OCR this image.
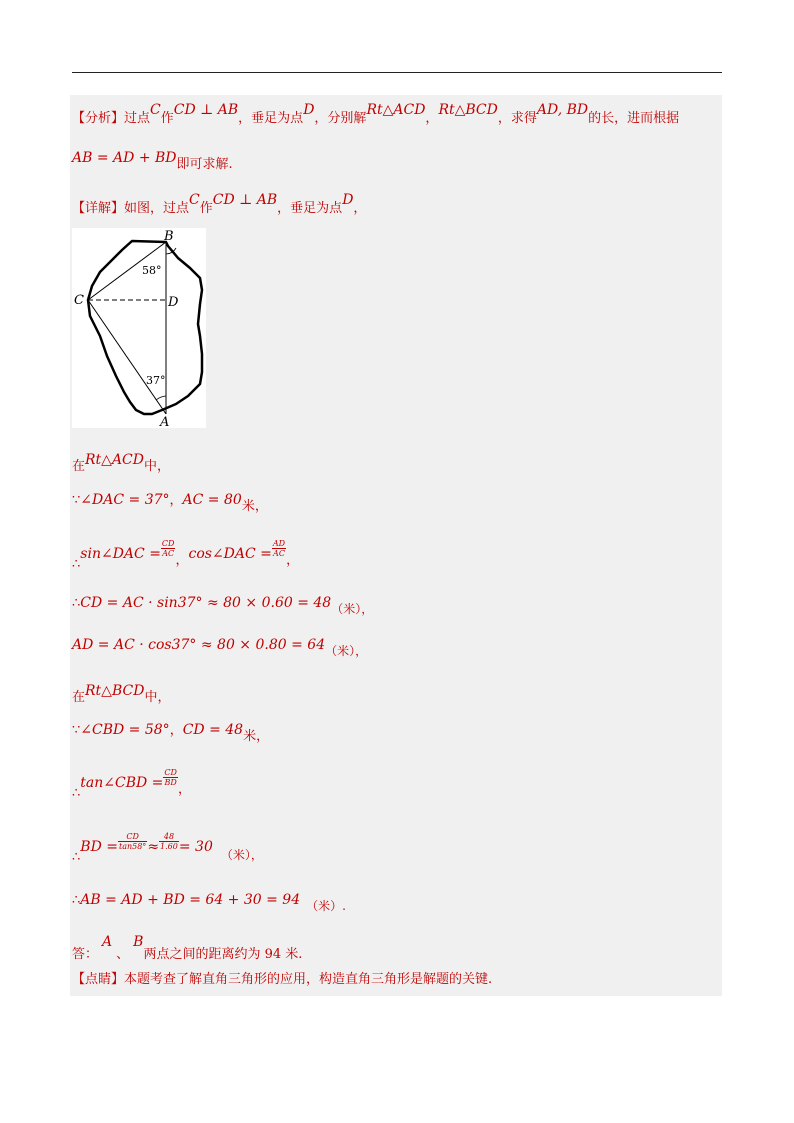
【分析】过点C作CD ⊥ AB，垂足为点D，分别解Rt△ACD，Rt△BCD，求得AD, BD的长，进而根据
AB = AD + BD即可求解.
【详解】如图，过点C作CD ⊥ AB，垂足为点D，
B
C	D
A
58°
37°
在Rt△ACD中，
∵∠DAC = 37°，AC = 80米，
∴sin∠DAC = $\frac{CD}{AC}$
，cos∠DAC = $\frac{AD}{AC}$
，
∴CD = AC · sin37° ≈ 80 × 0.60 = 48（米），
AD = AC · cos37° ≈ 80 × 0.80 = 64（米），
在Rt△BCD中，
∵∠CBD = 58°，CD = 48米，
∴tan∠CBD = $\frac{CD}{BD}$
，
∴BD = $\frac{CD}{\tan 58^\circ} \approx \frac{48}{1.60} = 30$ （米），
∴AB = AD + BD = 64 + 30 = 94 （米）.
答：A、B两点之间的距离约为 94 米.
【点睛】本题考查了解直角三角形的应用，构造直角三角形是解题的关键.
